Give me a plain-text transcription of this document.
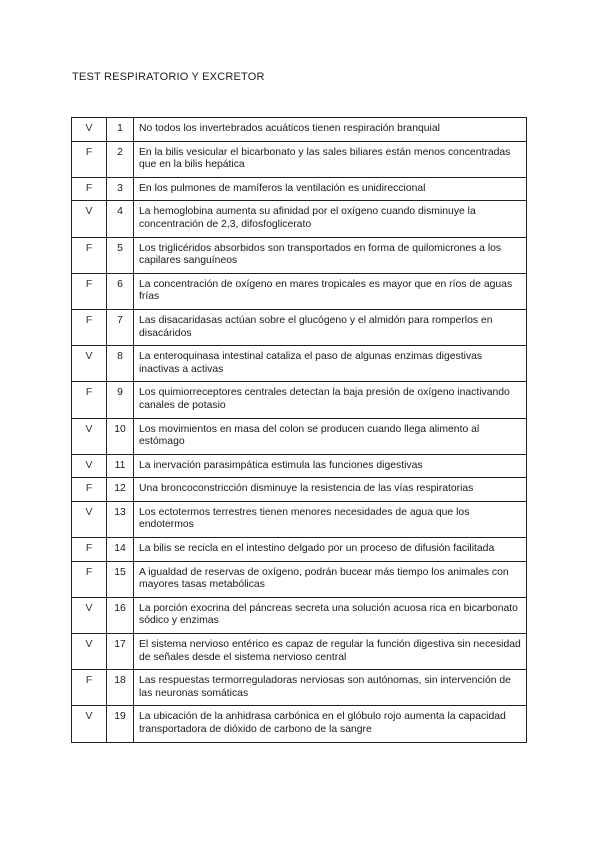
TEST RESPIRATORIO Y EXCRETOR
V	1	No todos los invertebrados acuáticos tienen respiración branquial
F	2	En la bilis vesicular el bicarbonato y las sales biliares están menos concentradas que en la bilis hepática
F	3	En los pulmones de mamíferos la ventilación es unidireccional
V	4	La hemoglobina aumenta su afinidad por el oxígeno cuando disminuye la concentración de 2,3, difosfoglicerato
F	5	Los triglicéridos absorbidos son transportados en forma de quilomicrones a los capilares sanguíneos
F	6	La concentración de oxígeno en mares tropicales es mayor que en ríos de aguas frías
F	7	Las disacaridasas actúan sobre el glucógeno y el almidón para romperlos en disacáridos
V	8	La enteroquinasa intestinal cataliza el paso de algunas enzimas digestivas inactivas a activas
F	9	Los quimiorreceptores centrales detectan la baja presión de oxígeno inactivando canales de potasio
V	10	Los movimientos en masa del colon se producen cuando llega alimento al estómago
V	11	La inervación parasimpática estimula las funciones digestivas
F	12	Una broncoconstricción disminuye la resistencia de las vías respiratorias
V	13	Los ectotermos terrestres tienen menores necesidades de agua que los endotermos
F	14	La bilis se recicla en el intestino delgado por un proceso de difusión facilitada
F	15	A igualdad de reservas de oxígeno, podrán bucear más tiempo los animales con mayores tasas metabólicas
V	16	La porción exocrina del páncreas secreta una solución acuosa rica en bicarbonato sódico y enzimas
V	17	El sistema nervioso entérico es capaz de regular la función digestiva sin necesidad de señales desde el sistema nervioso central
F	18	Las respuestas termorreguladoras nerviosas son autónomas, sin intervención de las neuronas somáticas
V	19	La ubicación de la anhidrasa carbónica en el glóbulo rojo aumenta la capacidad transportadora de dióxido de carbono de la sangre
